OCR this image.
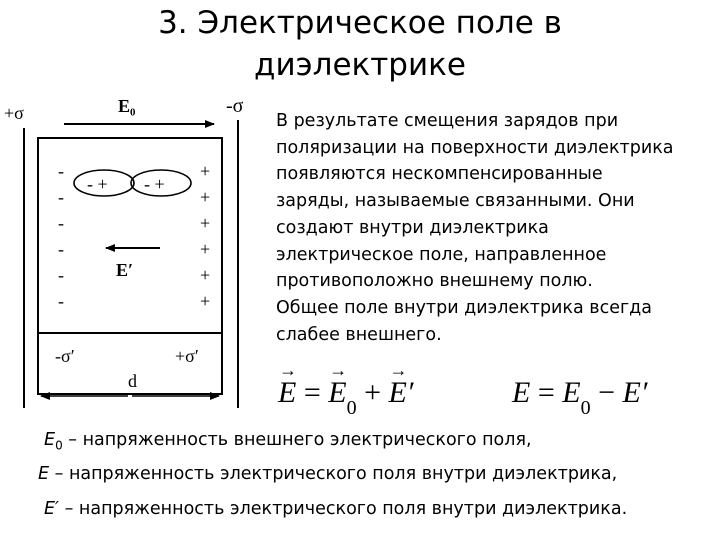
3. Электрическое поле в
диэлектрике
+σ	-σ
E₀
- + - +
-
-
-
-
-
-
+
+
+
+
+
+
E′
-σ′	+σ′
d
В результате смещения зарядов при
поляризации на поверхности диэлектрика
появляются нескомпенсированные
заряды, называемые связанными. Они
создают внутри диэлектрика
электрическое поле, направленное
противоположно внешнему полю.
Общее поле внутри диэлектрика всегда
слабее внешнего.
→ E = → $E_0$ + → E′	$E = E_0 - E'$
$E_0$ – напряженность внешнего электрического поля,
E – напряженность электрического поля внутри диэлектрика,
E′ – напряженность электрического поля внутри диэлектрика.
